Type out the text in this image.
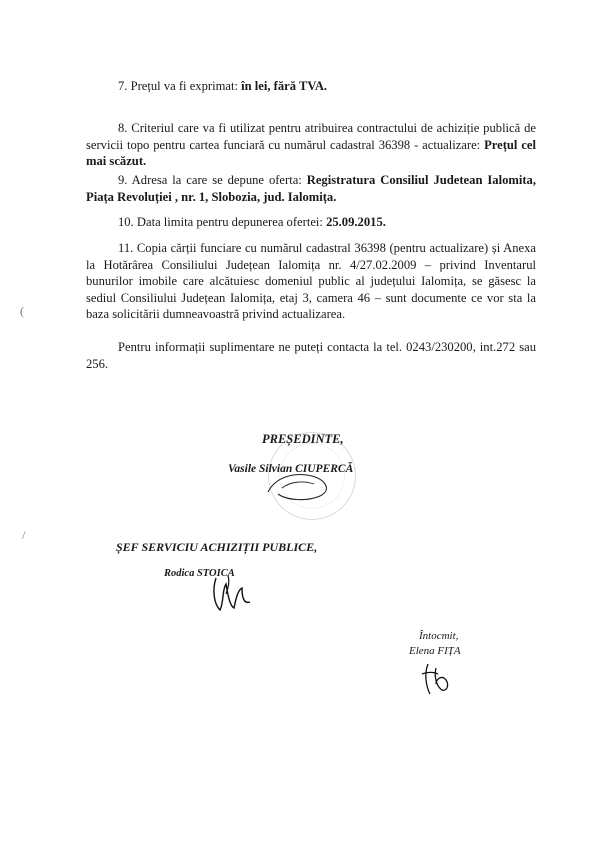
7. Prețul va fi exprimat: în lei, fără TVA.

8. Criteriul care va fi utilizat pentru atribuirea contractului de achiziție publică de servicii topo pentru cartea funciară cu numărul cadastral 36398 - actualizare: Prețul cel mai scăzut.

9. Adresa la care se depune oferta: Registratura Consiliul Judetean Ialomita, Piața Revoluției , nr. 1, Slobozia, jud. Ialomița.

10. Data limita pentru depunerea ofertei: 25.09.2015.

11. Copia cărții funciare cu numărul cadastral 36398 (pentru actualizare) și Anexa la Hotărârea Consiliului Județean Ialomița nr. 4/27.02.2009 – privind Inventarul bunurilor imobile care alcătuiesc domeniul public al județului Ialomița, se găsesc la sediul Consiliului Județean Ialomița, etaj 3, camera 46 – sunt documente ce vor sta la baza solicitării dumneavoastră privind actualizarea.

Pentru informații suplimentare ne puteți contacta la tel. 0243/230200, int.272 sau 256.

(
/
PREȘEDINTE,
Vasile Silvian CIUPERCĂ
ȘEF SERVICIU ACHIZIȚII PUBLICE,
Rodica STOICA
Întocmit,
Elena FIȚA
